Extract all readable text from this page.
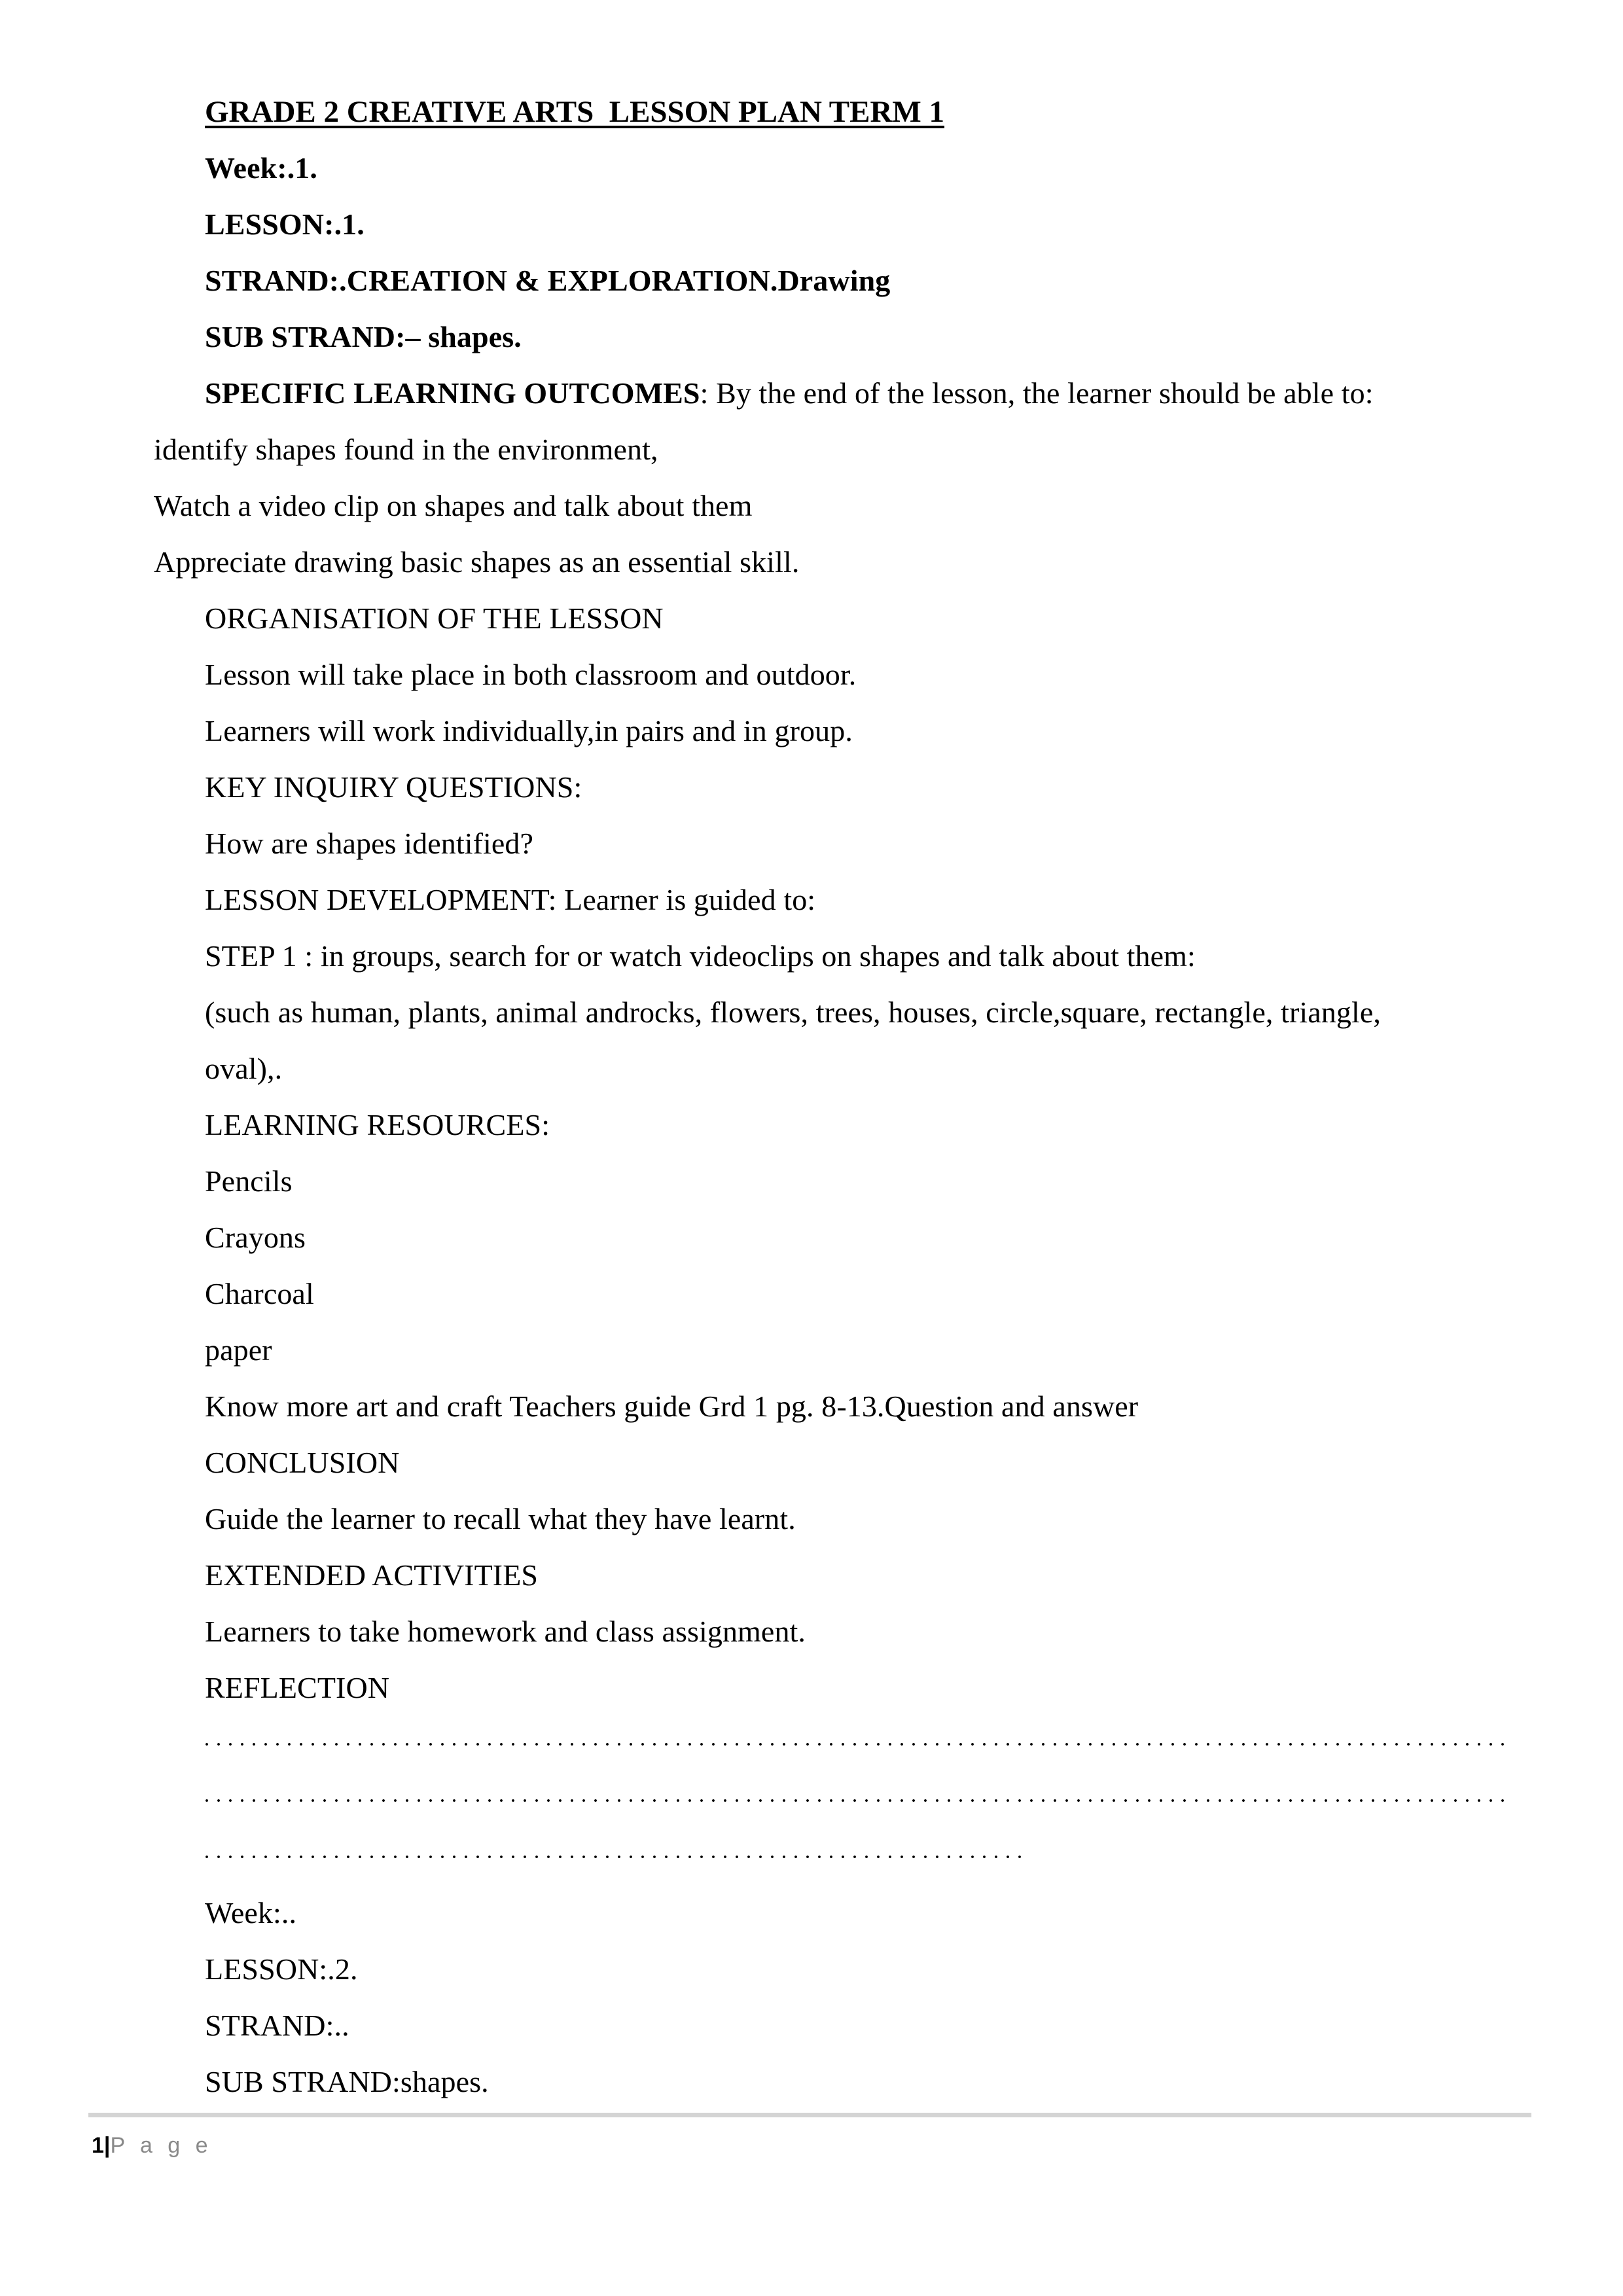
GRADE 2 CREATIVE ARTS  LESSON PLAN TERM 1
Week:.1.
LESSON:.1.
STRAND:.CREATION & EXPLORATION.Drawing
SUB STRAND:– shapes.
SPECIFIC LEARNING OUTCOMES: By the end of the lesson, the learner should be able to:
identify shapes found in the environment,
Watch a video clip on shapes and talk about them
Appreciate drawing basic shapes as an essential skill.
ORGANISATION OF THE LESSON
Lesson will take place in both classroom and outdoor.
Learners will work individually,in pairs and in group.
KEY INQUIRY QUESTIONS:
How are shapes identified?
LESSON DEVELOPMENT: Learner is guided to:
STEP 1 : in groups, search for or watch videoclips on shapes and talk about them:
(such as human, plants, animal androcks, flowers, trees, houses, circle,square, rectangle, triangle,
oval),.
LEARNING RESOURCES:
Pencils
Crayons
Charcoal
paper
Know more art and craft Teachers guide Grd 1 pg. 8-13.Question and answer
CONCLUSION
Guide the learner to recall what they have learnt.
EXTENDED ACTIVITIES
Learners to take homework and class assignment.
REFLECTION
Week:..
LESSON:.2.
STRAND:..
SUB STRAND:shapes.
1|P a g e
